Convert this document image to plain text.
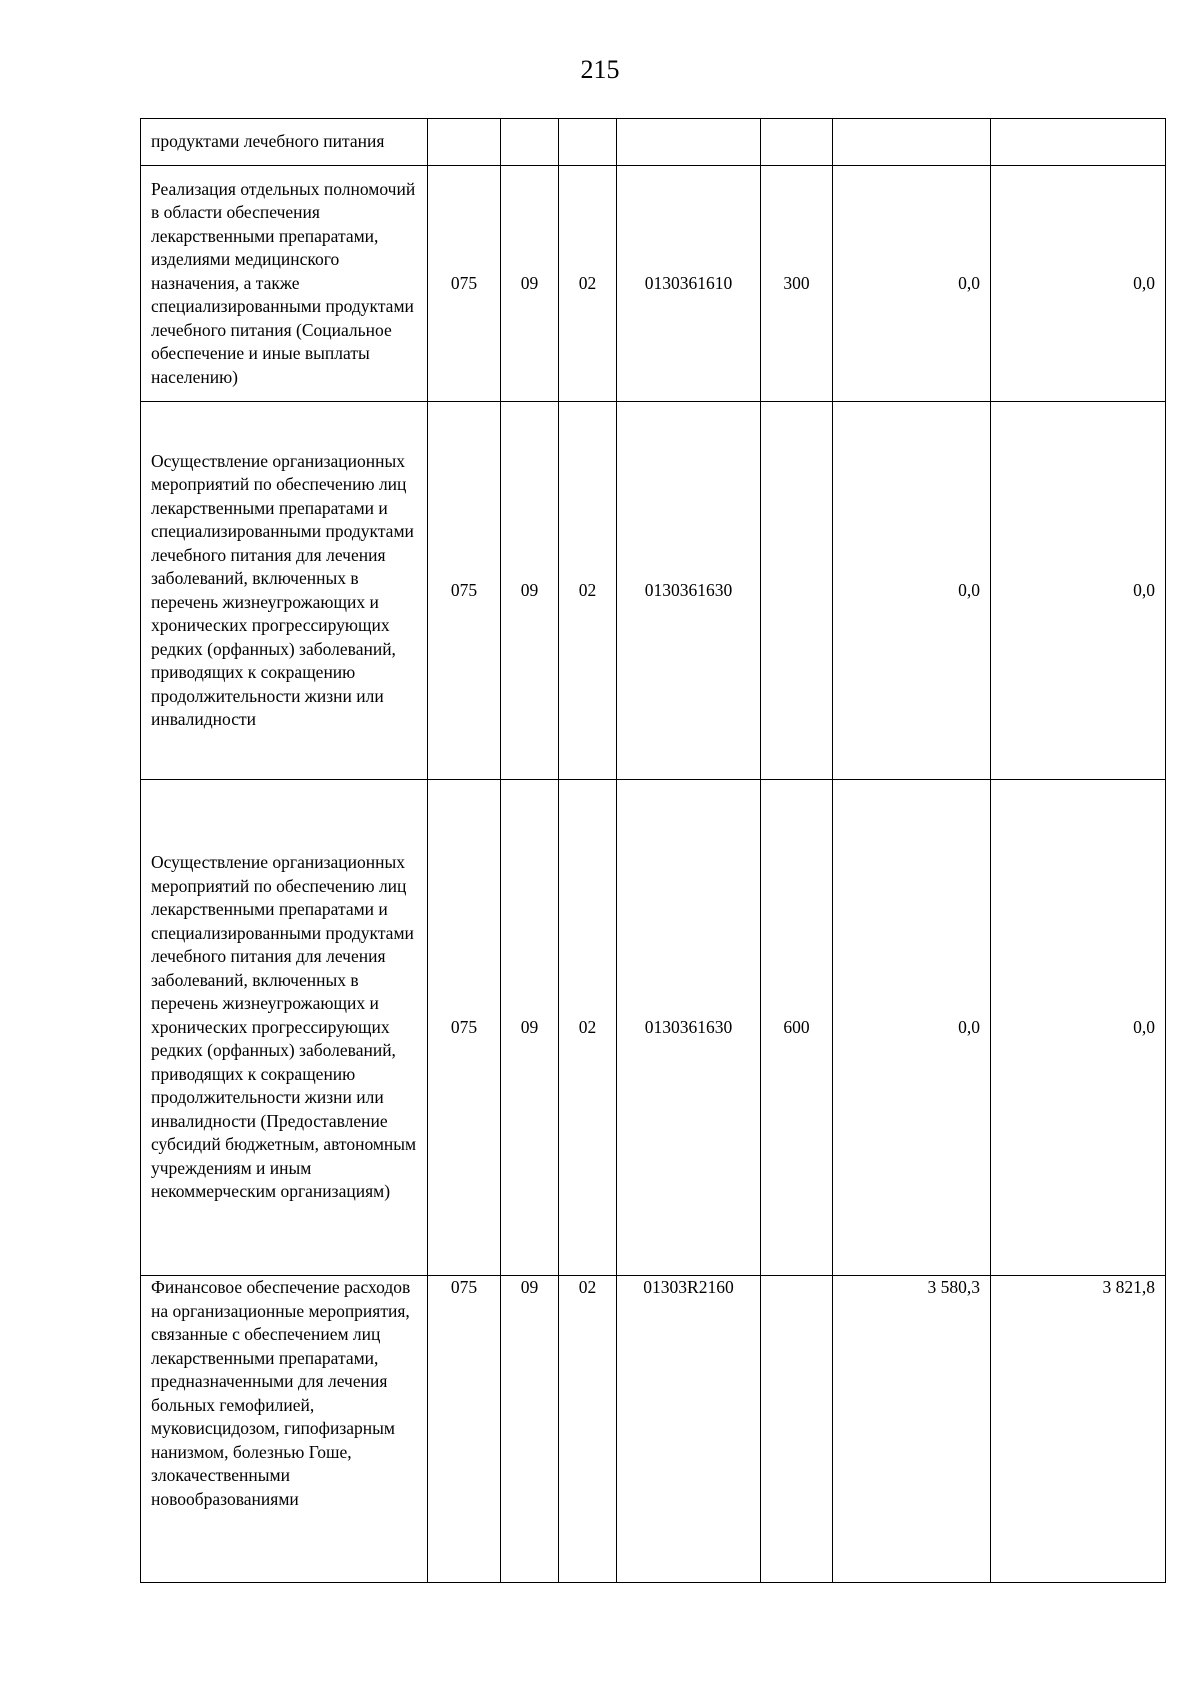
215
продуктами лечебного питания							
Реализация отдельных полномочий в области обеспечения лекарственными препаратами, изделиями медицинского назначения, а также специализированными продуктами лечебного питания (Социальное обеспечение и иные выплаты населению)	075	09	02	0130361610	300	0,0	0,0
Осуществление организационных мероприятий по обеспечению лиц лекарственными препаратами и специализированными продуктами лечебного питания для лечения заболеваний, включенных в перечень жизнеугрожающих и хронических прогрессирующих редких (орфанных) заболеваний, приводящих к сокращению продолжительности жизни или инвалидности	075	09	02	0130361630		0,0	0,0
Осуществление организационных мероприятий по обеспечению лиц лекарственными препаратами и специализированными продуктами лечебного питания для лечения заболеваний, включенных в перечень жизнеугрожающих и хронических прогрессирующих редких (орфанных) заболеваний, приводящих к сокращению продолжительности жизни или инвалидности (Предоставление субсидий бюджетным, автономным учреждениям и иным некоммерческим организациям)	075	09	02	0130361630	600	0,0	0,0
Финансовое обеспечение расходов на организационные мероприятия, связанные с обеспечением лиц лекарственными препаратами, предназначенными для лечения больных гемофилией, муковисцидозом, гипофизарным нанизмом, болезнью Гоше, злокачественными новообразованиями	075	09	02	01303R2160		3 580,3	3 821,8
